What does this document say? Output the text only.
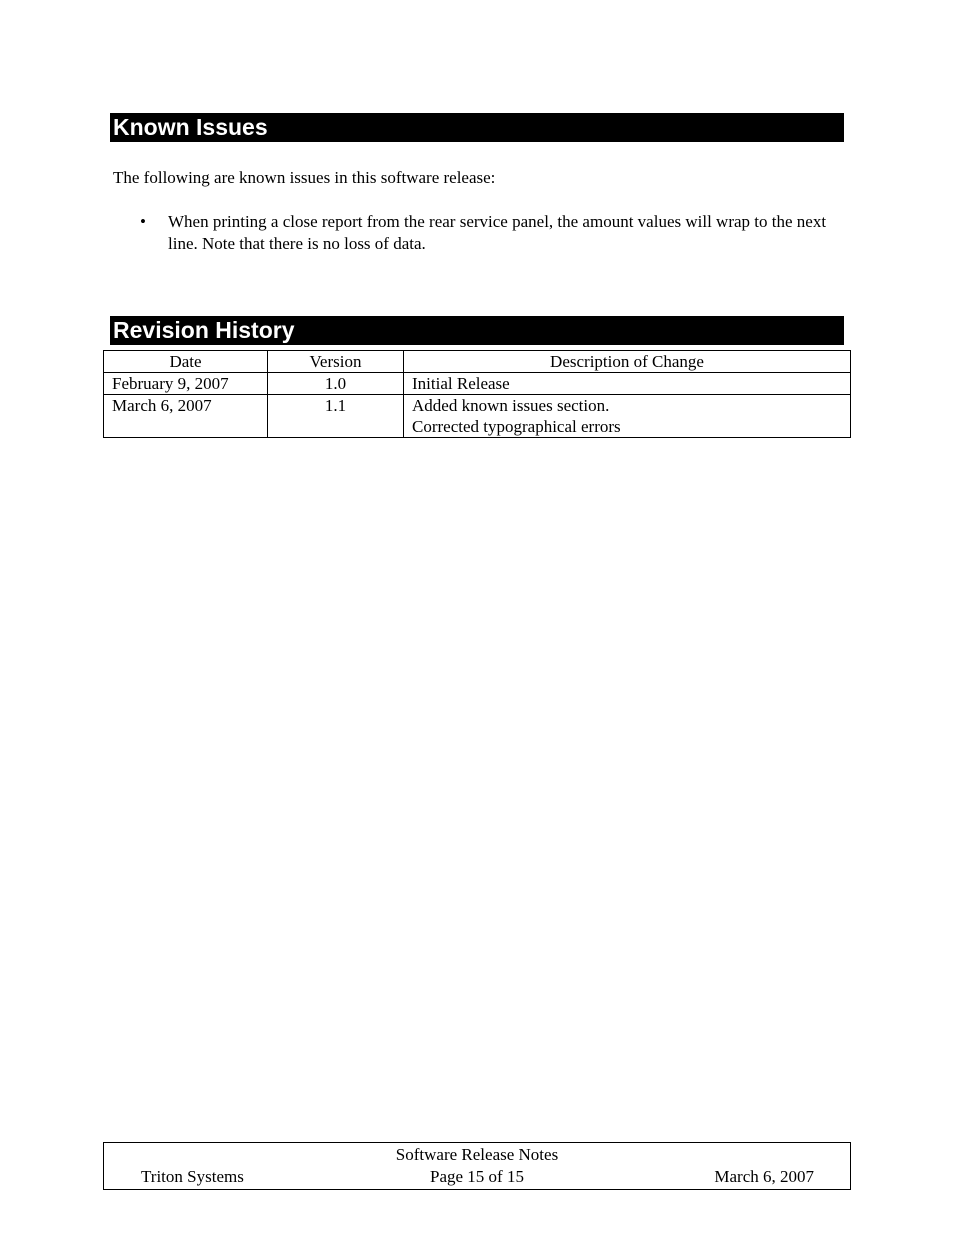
Known Issues
The following are known issues in this software release:
• When printing a close report from the rear service panel, the amount values will wrap to the next line. Note that there is no loss of data.
Revision History
Date	Version	Description of Change
February 9, 2007	1.0	Initial Release

March 6, 2007	1.1	Added known issues section.
Corrected typographical errors
Software Release Notes
Triton Systems	Page 15 of 15	March 6, 2007
